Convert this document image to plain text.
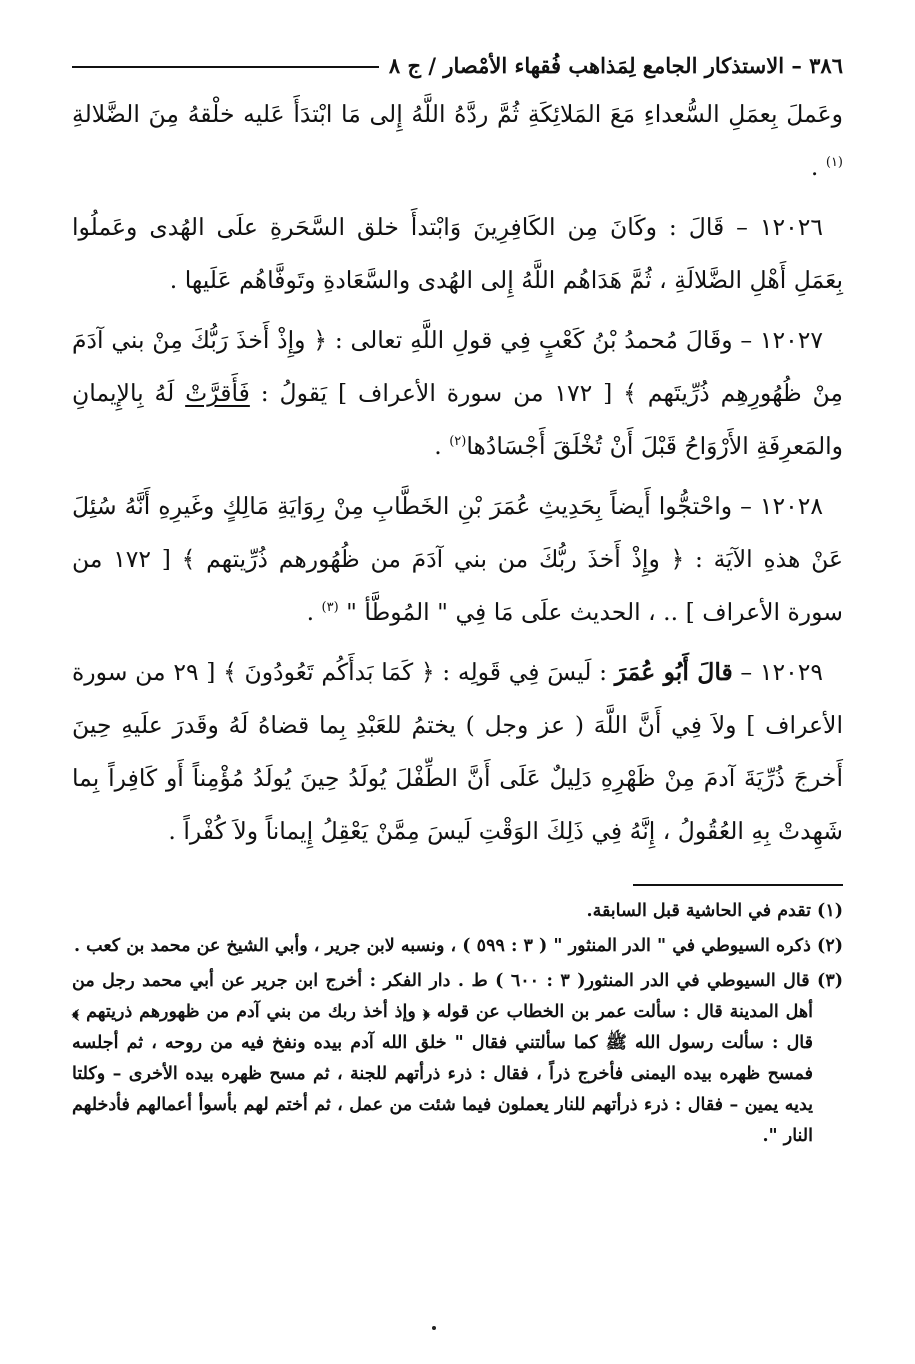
٣٨٦ – الاستذكار الجامع لِمَذاهب فُقهاء الأمْصار / ج ٨

وعَملَ بِعمَلِ السُّعداءِ مَعَ المَلائِكَةِ ثُمَّ ردَّهُ اللَّهُ إِلى مَا ابْتدَأَ عَليه خلْقهُ مِنَ الضَّلالةِ $^{(١)}$ .

١٢٠٢٦ – قَالَ : وكَانَ مِن الكَافِرِينَ وَابْتدأَ خلق السَّحَرةِ علَى الهُدى وعَملُوا بِعَمَلِ أَهْلِ الضَّلالَةِ ، ثُمَّ هَدَاهُم اللَّهُ إِلى الهُدى والسَّعَادةِ وتَوفَّاهُم عَلَيها .

١٢٠٢٧ – وقَالَ مُحمدُ بْنُ كَعْبٍ فِي قولِ اللَّهِ تعالى : ﴿ وإِذْ أَخذَ رَبُّكَ مِنْ بني آدَمَ مِنْ ظُهُورِهِم ذُرِّيتَهم ﴾ [ ١٧٢ من سورة الأعراف ] يَقولُ : فَأَقرَّتْ لَهُ بِالإِيمانِ والمَعرِفَةِ الأَرْوَاحُ قَبْلَ أَنْ تُخْلَقَ أَجْسَادُها$^{(٢)}$ .

١٢٠٢٨ – واحْتجُّوا أَيضاً بِحَدِيثِ عُمَرَ بْنِ الخَطَّابِ مِنْ رِوَايَةِ مَالِكٍ وغَيرِهِ أَنَّهُ سُئِلَ عَنْ هذهِ الآيَة : ﴿ وإِذْ أَخذَ ربُّكَ من بني آدَمَ من ظُهُورهم ذُرِّيتهم ﴾ [ ١٧٢ من سورة الأعراف ] .. ، الحديث علَى مَا فِي " المُوطَّأ " $^{(٣)}$ .

١٢٠٢٩ – قالَ أَبُو عُمَرَ : لَيسَ فِي قَولِه : ﴿ كَمَا بَدأَكُم تَعُودُونَ ﴾ [ ٢٩ من سورة الأعراف ] ولاَ فِي أَنَّ اللَّهَ ( عز وجل ) يختمُ للعَبْدِ بِما قضاهُ لَهُ وقَدرَ علَيهِ حِينَ أَخرجَ ذُرِّيَةَ آدمَ مِنْ ظَهْرِهِ دَلِيلٌ عَلَى أَنَّ الطِّفْلَ يُولَدُ حِينَ يُولَدُ مُؤْمِناً أَو كَافِراً بِما شَهِدتْ بِهِ العُقُولُ ، إِنَّهُ فِي ذَلِكَ الوَقْتِ لَيسَ مِمَّنْ يَعْقِلُ إِيماناً ولاَ كُفْراً .

(١) تقدم في الحاشية قبل السابقة.

(٢) ذكره السيوطي في " الدر المنثور " ( ٣ : ٥٩٩ ) ، ونسبه لابن جرير ، وأبي الشيخ عن محمد بن كعب .

(٣) قال السيوطي في الدر المنثور( ٣ : ٦٠٠ ) ط . دار الفكر : أخرج ابن جرير عن أبي محمد رجل من أهل المدينة قال : سألت عمر بن الخطاب عن قوله ﴿ وإذ أخذ ربك من بني آدم من ظهورهم ذريتهم ﴾ قال : سألت رسول الله ﷺ كما سألتني فقال " خلق الله آدم بيده ونفخ فيه من روحه ، ثم أجلسه فمسح ظهره بيده اليمنى فأخرج ذراً ، فقال : ذرء ذرأتهم للجنة ، ثم مسح ظهره بيده الأخرى – وكلتا يديه يمين – فقال : ذرء ذرأتهم للنار يعملون فيما شئت من عمل ، ثم أختم لهم بأسوأ أعمالهم فأدخلهم النار ".
